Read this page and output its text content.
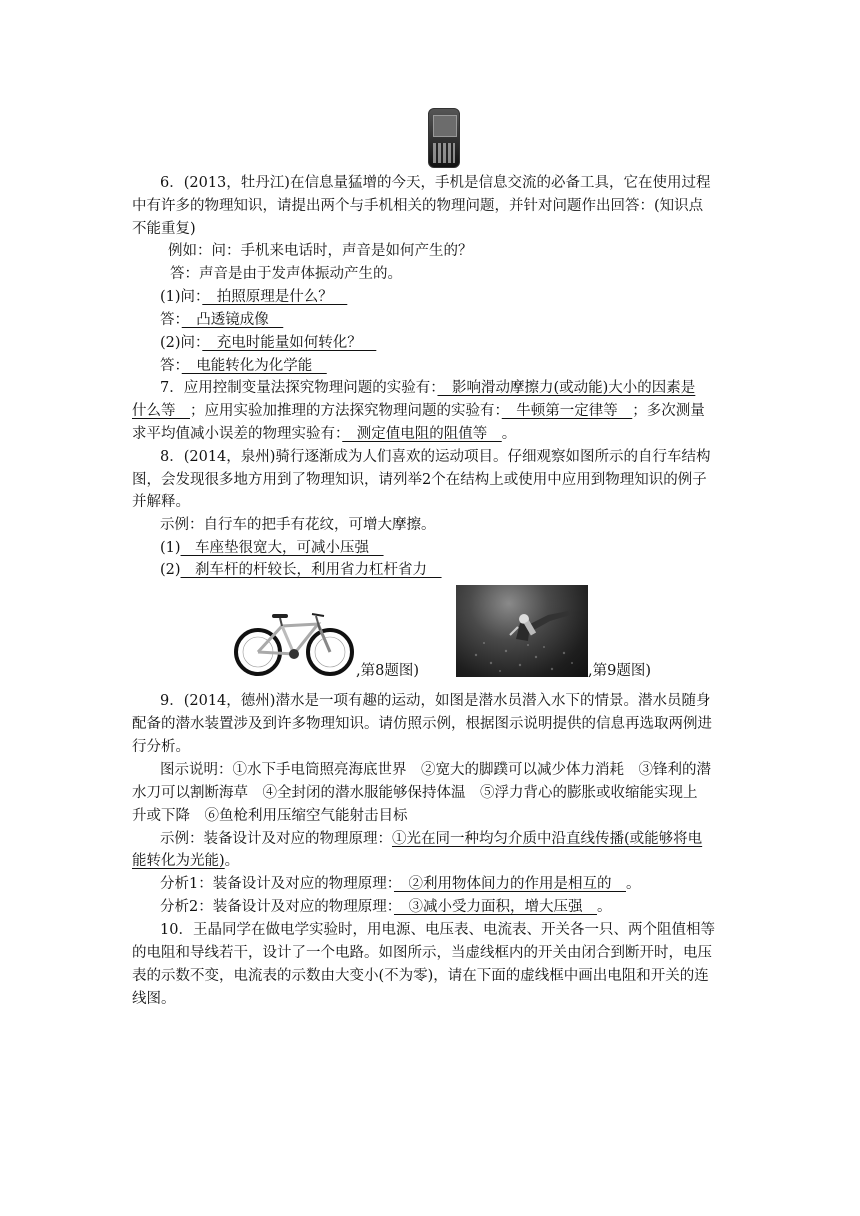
6．(2013，牡丹江)在信息量猛增的今天，手机是信息交流的必备工具，它在使用过程
中有许多的物理知识，请提出两个与手机相关的物理问题，并针对问题作出回答：(知识点
不能重复)
例如：问：手机来电话时，声音是如何产生的？
答：声音是由于发声体振动产生的。
(1)问：　拍照原理是什么？　
答：　凸透镜成像　
(2)问：　充电时能量如何转化？　
答：　电能转化为化学能　
7．应用控制变量法探究物理问题的实验有：　影响滑动摩擦力(或动能)大小的因素是
什么等　；应用实验加推理的方法探究物理问题的实验有：　牛顿第一定律等　；多次测量
求平均值减小误差的物理实验有：　测定值电阻的阻值等　。
8．(2014，泉州)骑行逐渐成为人们喜欢的运动项目。仔细观察如图所示的自行车结构
图，会发现很多地方用到了物理知识，请列举2个在结构上或使用中应用到物理知识的例子
并解释。
示例：自行车的把手有花纹，可增大摩擦。
(1)　车座垫很宽大，可减小压强　
(2)　刹车杆的杆较长，利用省力杠杆省力　
,第8题图)	,第9题图)
9．(2014，德州)潜水是一项有趣的运动，如图是潜水员潜入水下的情景。潜水员随身
配备的潜水装置涉及到许多物理知识。请仿照示例，根据图示说明提供的信息再选取两例进
行分析。
图示说明：①水下手电筒照亮海底世界　②宽大的脚蹼可以减少体力消耗　③锋利的潜
水刀可以割断海草　④全封闭的潜水服能够保持体温　⑤浮力背心的膨胀或收缩能实现上
升或下降　⑥鱼枪利用压缩空气能射击目标
示例：装备设计及对应的物理原理：①光在同一种均匀介质中沿直线传播(或能够将电
能转化为光能)。
分析1：装备设计及对应的物理原理：　②利用物体间力的作用是相互的　。
分析2：装备设计及对应的物理原理：　③减小受力面积，增大压强　。
10．王晶同学在做电学实验时，用电源、电压表、电流表、开关各一只、两个阻值相等
的电阻和导线若干，设计了一个电路。如图所示，当虚线框内的开关由闭合到断开时，电压
表的示数不变，电流表的示数由大变小(不为零)，请在下面的虚线框中画出电阻和开关的连
线图。
